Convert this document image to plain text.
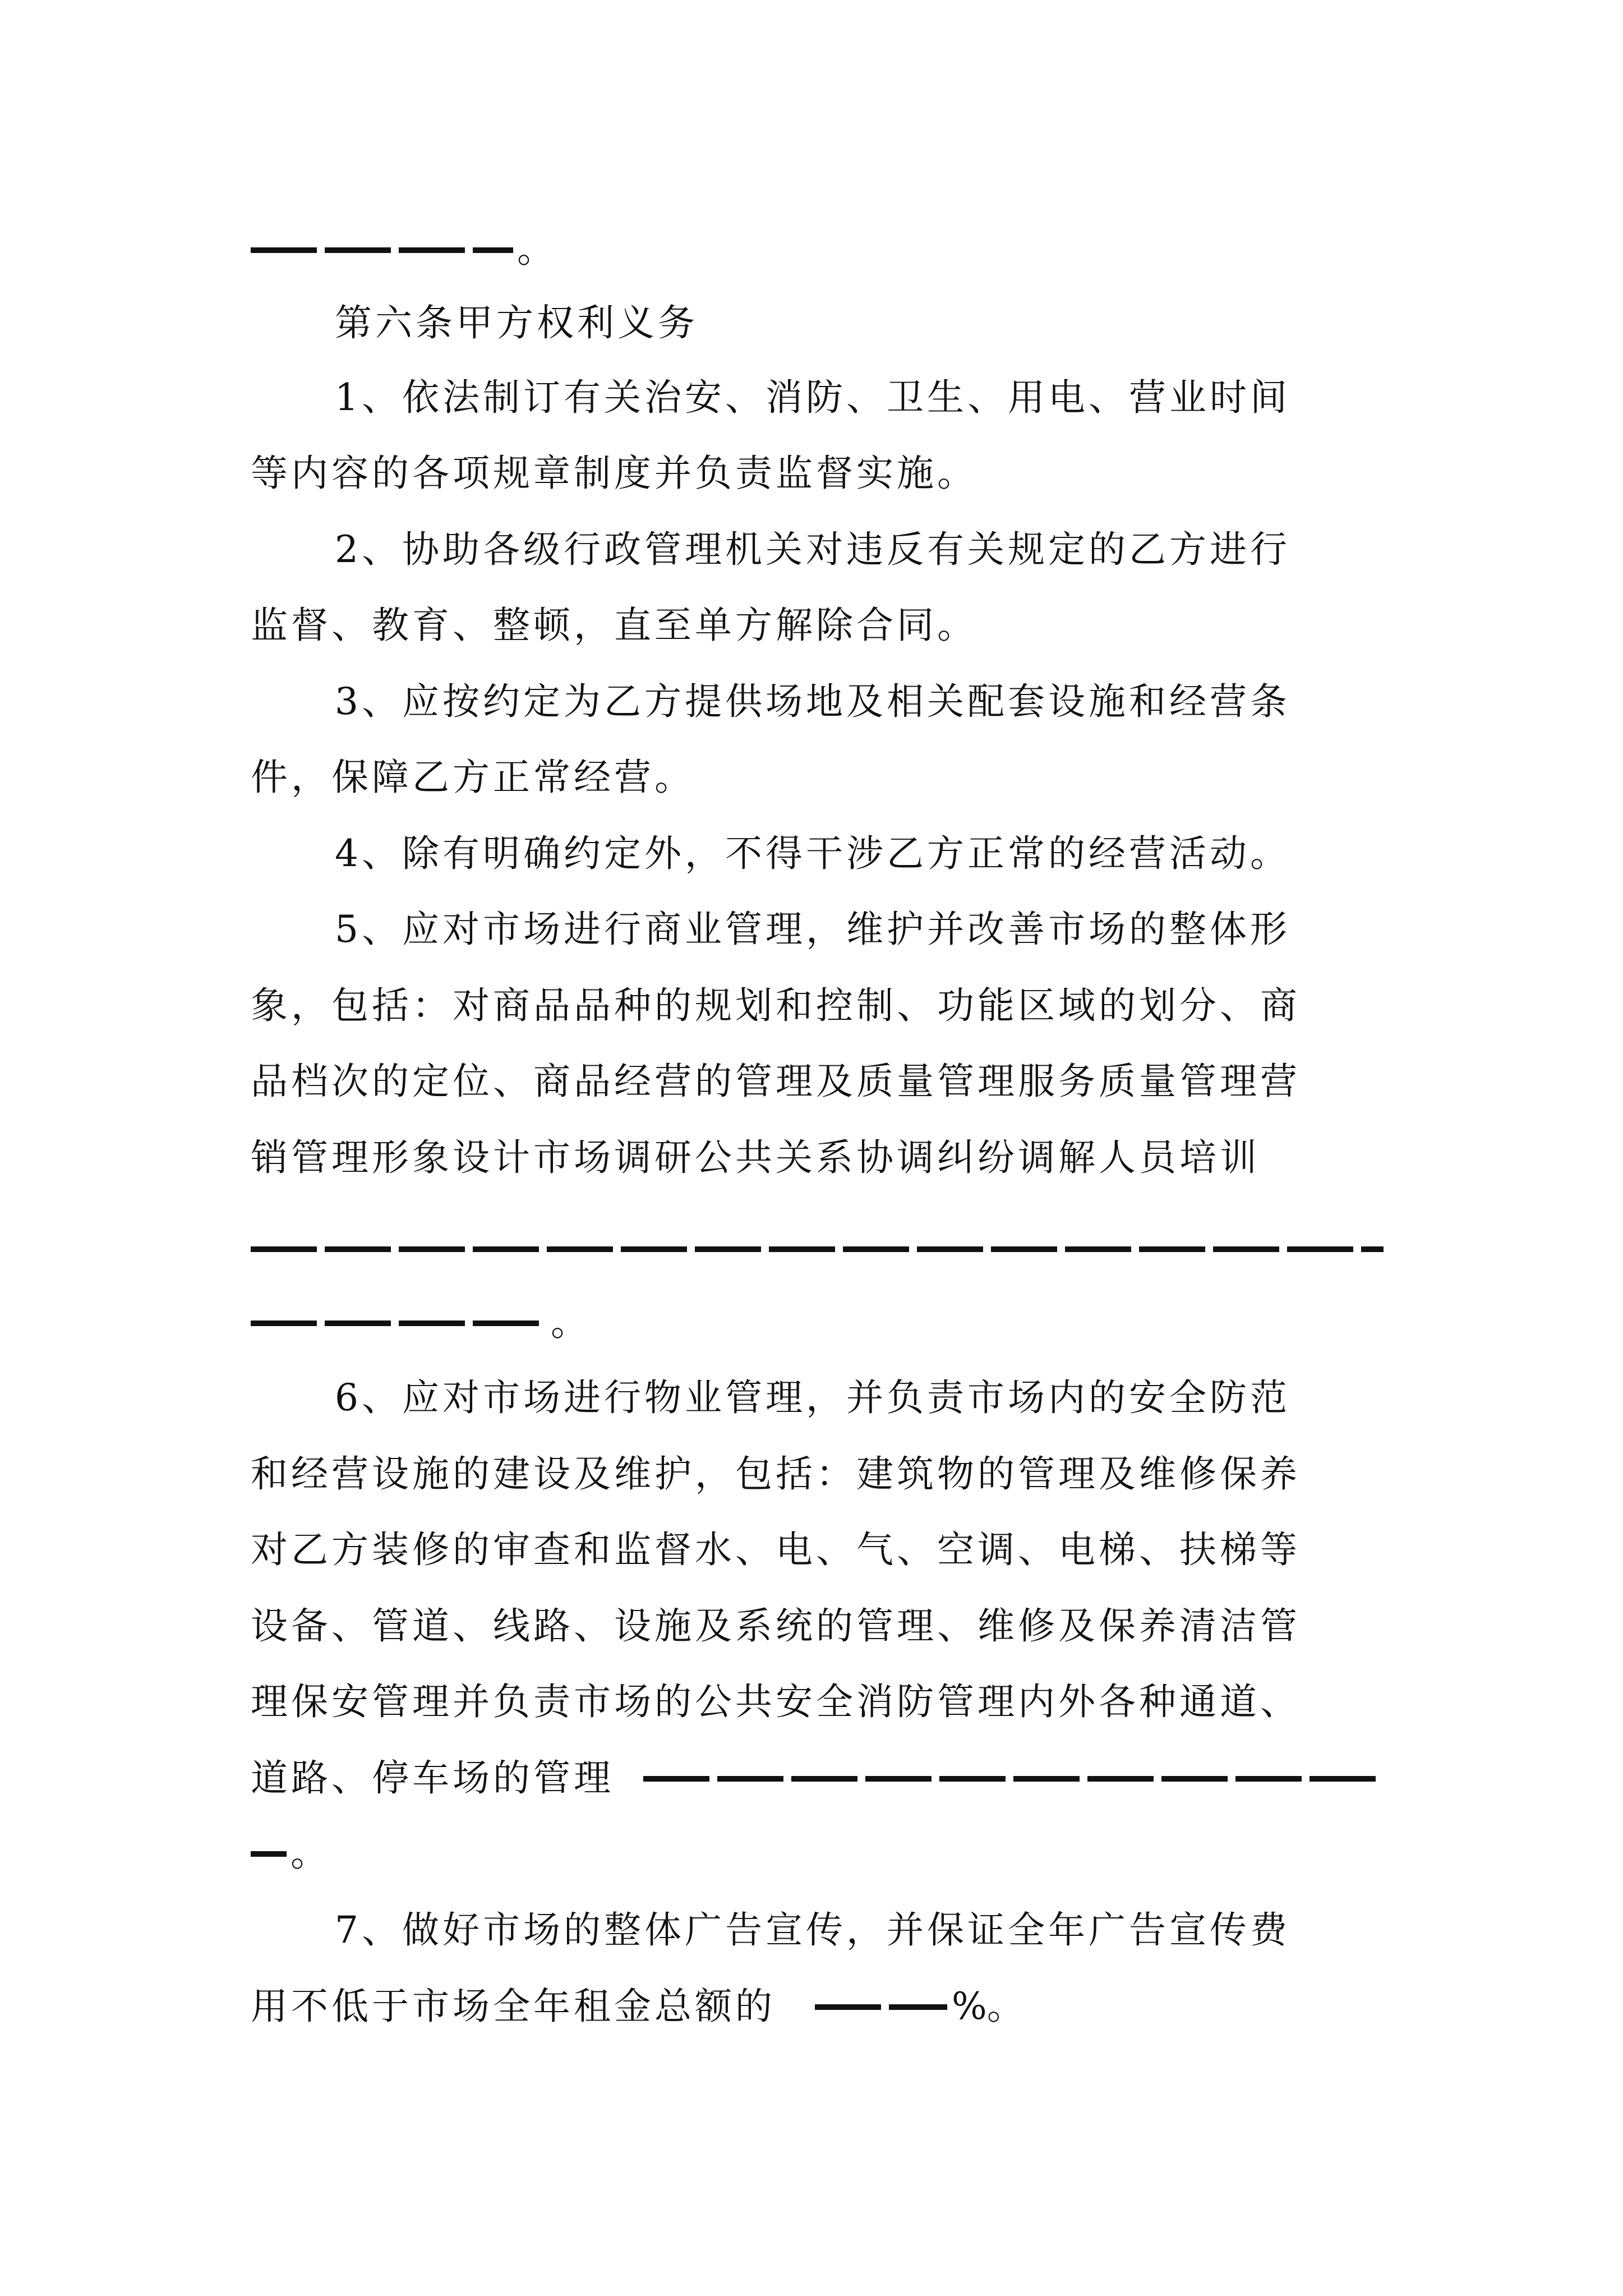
。
第六条甲方权利义务
1、依法制订有关治安、消防、卫生、用电、营业时间
等内容的各项规章制度并负责监督实施。
2、协助各级行政管理机关对违反有关规定的乙方进行
监督、教育、整顿，直至单方解除合同。
3、应按约定为乙方提供场地及相关配套设施和经营条
件，保障乙方正常经营。
4、除有明确约定外，不得干涉乙方正常的经营活动。
5、应对市场进行商业管理，维护并改善市场的整体形
象，包括：对商品品种的规划和控制、功能区域的划分、商
品档次的定位、商品经营的管理及质量管理服务质量管理营
销管理形象设计市场调研公共关系协调纠纷调解人员培训
。
6、应对市场进行物业管理，并负责市场内的安全防范
和经营设施的建设及维护，包括：建筑物的管理及维修保养
对乙方装修的审查和监督水、电、气、空调、电梯、扶梯等
设备、管道、线路、设施及系统的管理、维修及保养清洁管
理保安管理并负责市场的公共安全消防管理内外各种通道、
道路、停车场的管理
。
7、做好市场的整体广告宣传，并保证全年广告宣传费
用不低于市场全年租金总额的	%。
